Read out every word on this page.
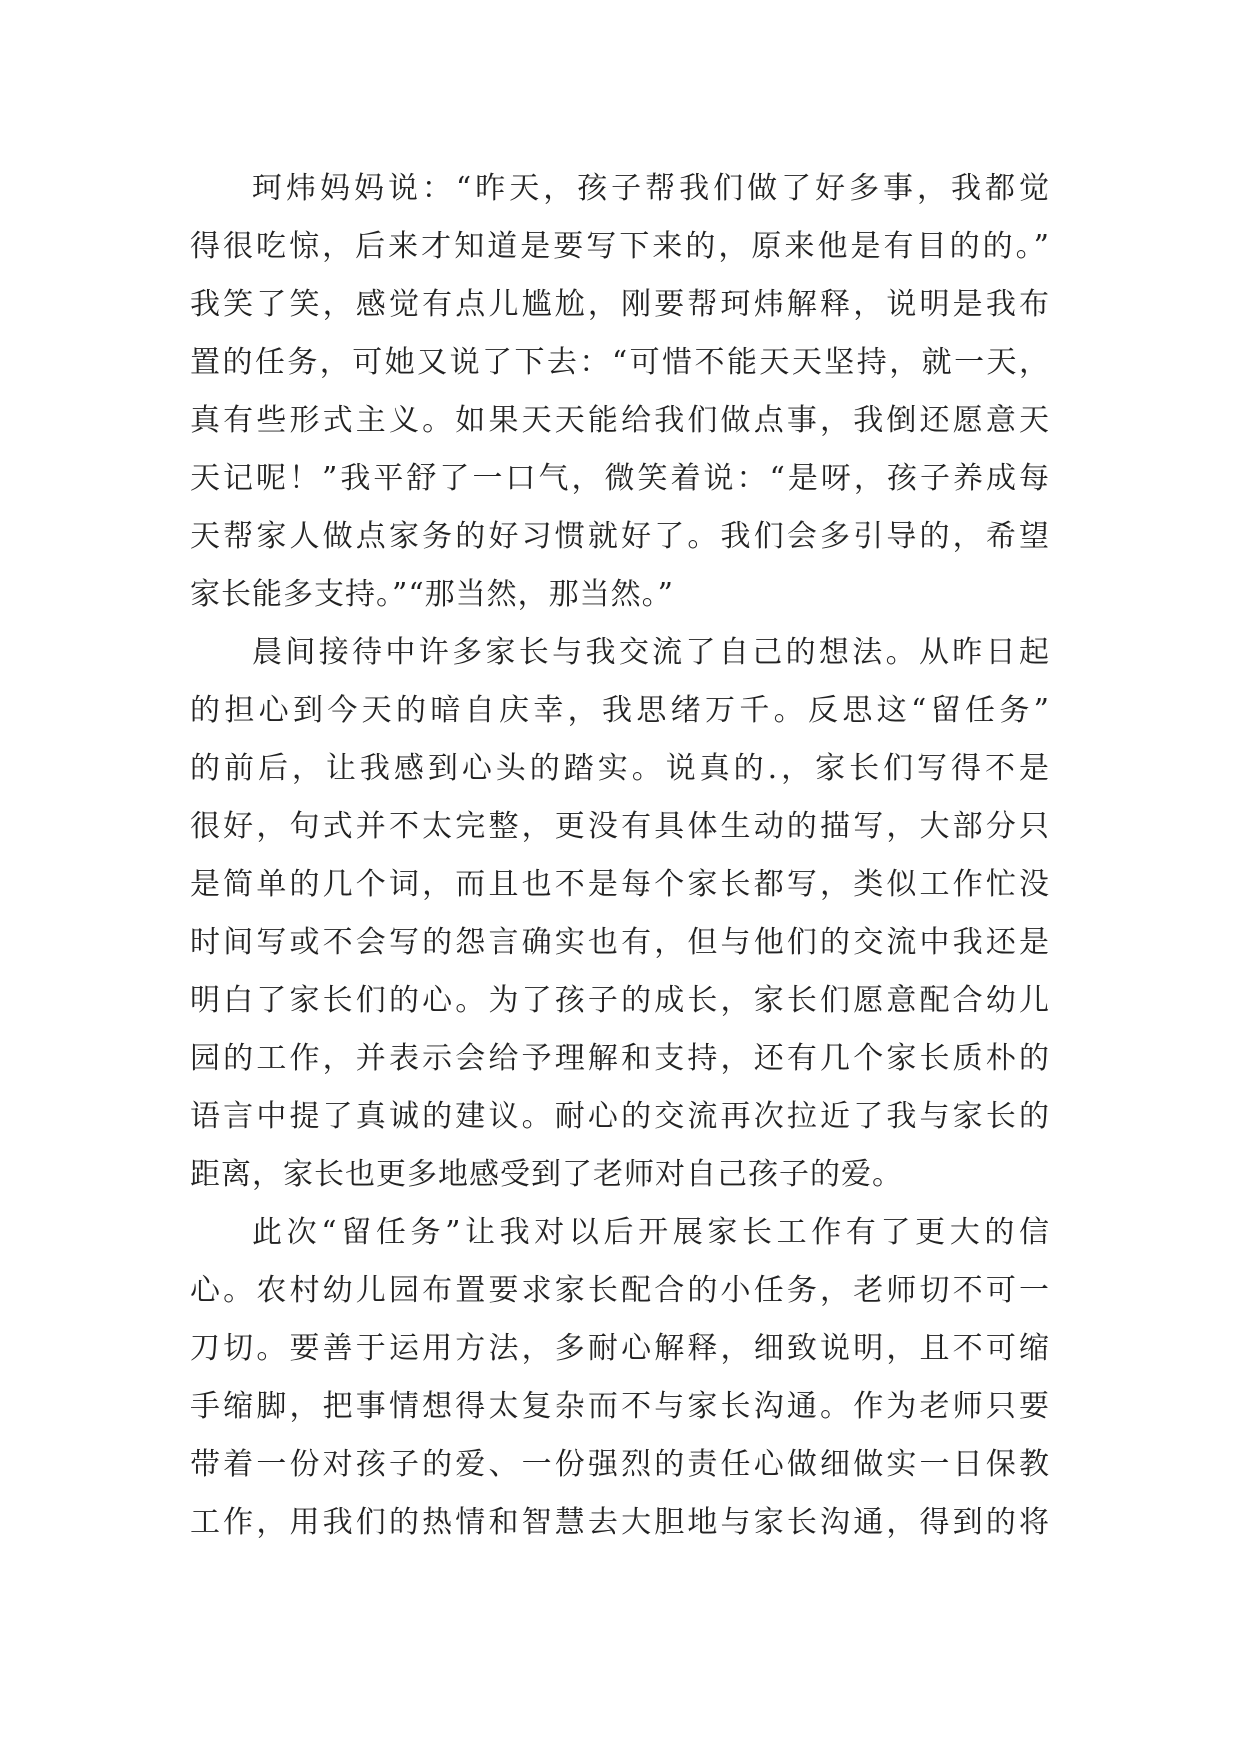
珂炜妈妈说：“昨天，孩子帮我们做了好多事，我都觉
得很吃惊，后来才知道是要写下来的，原来他是有目的的。”
我笑了笑，感觉有点儿尴尬，刚要帮珂炜解释，说明是我布
置的任务，可她又说了下去：“可惜不能天天坚持，就一天，
真有些形式主义。如果天天能给我们做点事，我倒还愿意天
天记呢！”我平舒了一口气，微笑着说：“是呀，孩子养成每
天帮家人做点家务的好习惯就好了。我们会多引导的，希望
家长能多支持。”“那当然，那当然。”
晨间接待中许多家长与我交流了自己的想法。从昨日起
的担心到今天的暗自庆幸，我思绪万千。反思这“留任务”
的前后，让我感到心头的踏实。说真的.，家长们写得不是
很好，句式并不太完整，更没有具体生动的描写，大部分只
是简单的几个词，而且也不是每个家长都写，类似工作忙没
时间写或不会写的怨言确实也有，但与他们的交流中我还是
明白了家长们的心。为了孩子的成长，家长们愿意配合幼儿
园的工作，并表示会给予理解和支持，还有几个家长质朴的
语言中提了真诚的建议。耐心的交流再次拉近了我与家长的
距离，家长也更多地感受到了老师对自己孩子的爱。
此次“留任务”让我对以后开展家长工作有了更大的信
心。农村幼儿园布置要求家长配合的小任务，老师切不可一
刀切。要善于运用方法，多耐心解释，细致说明，且不可缩
手缩脚，把事情想得太复杂而不与家长沟通。作为老师只要
带着一份对孩子的爱、一份强烈的责任心做细做实一日保教
工作，用我们的热情和智慧去大胆地与家长沟通，得到的将
